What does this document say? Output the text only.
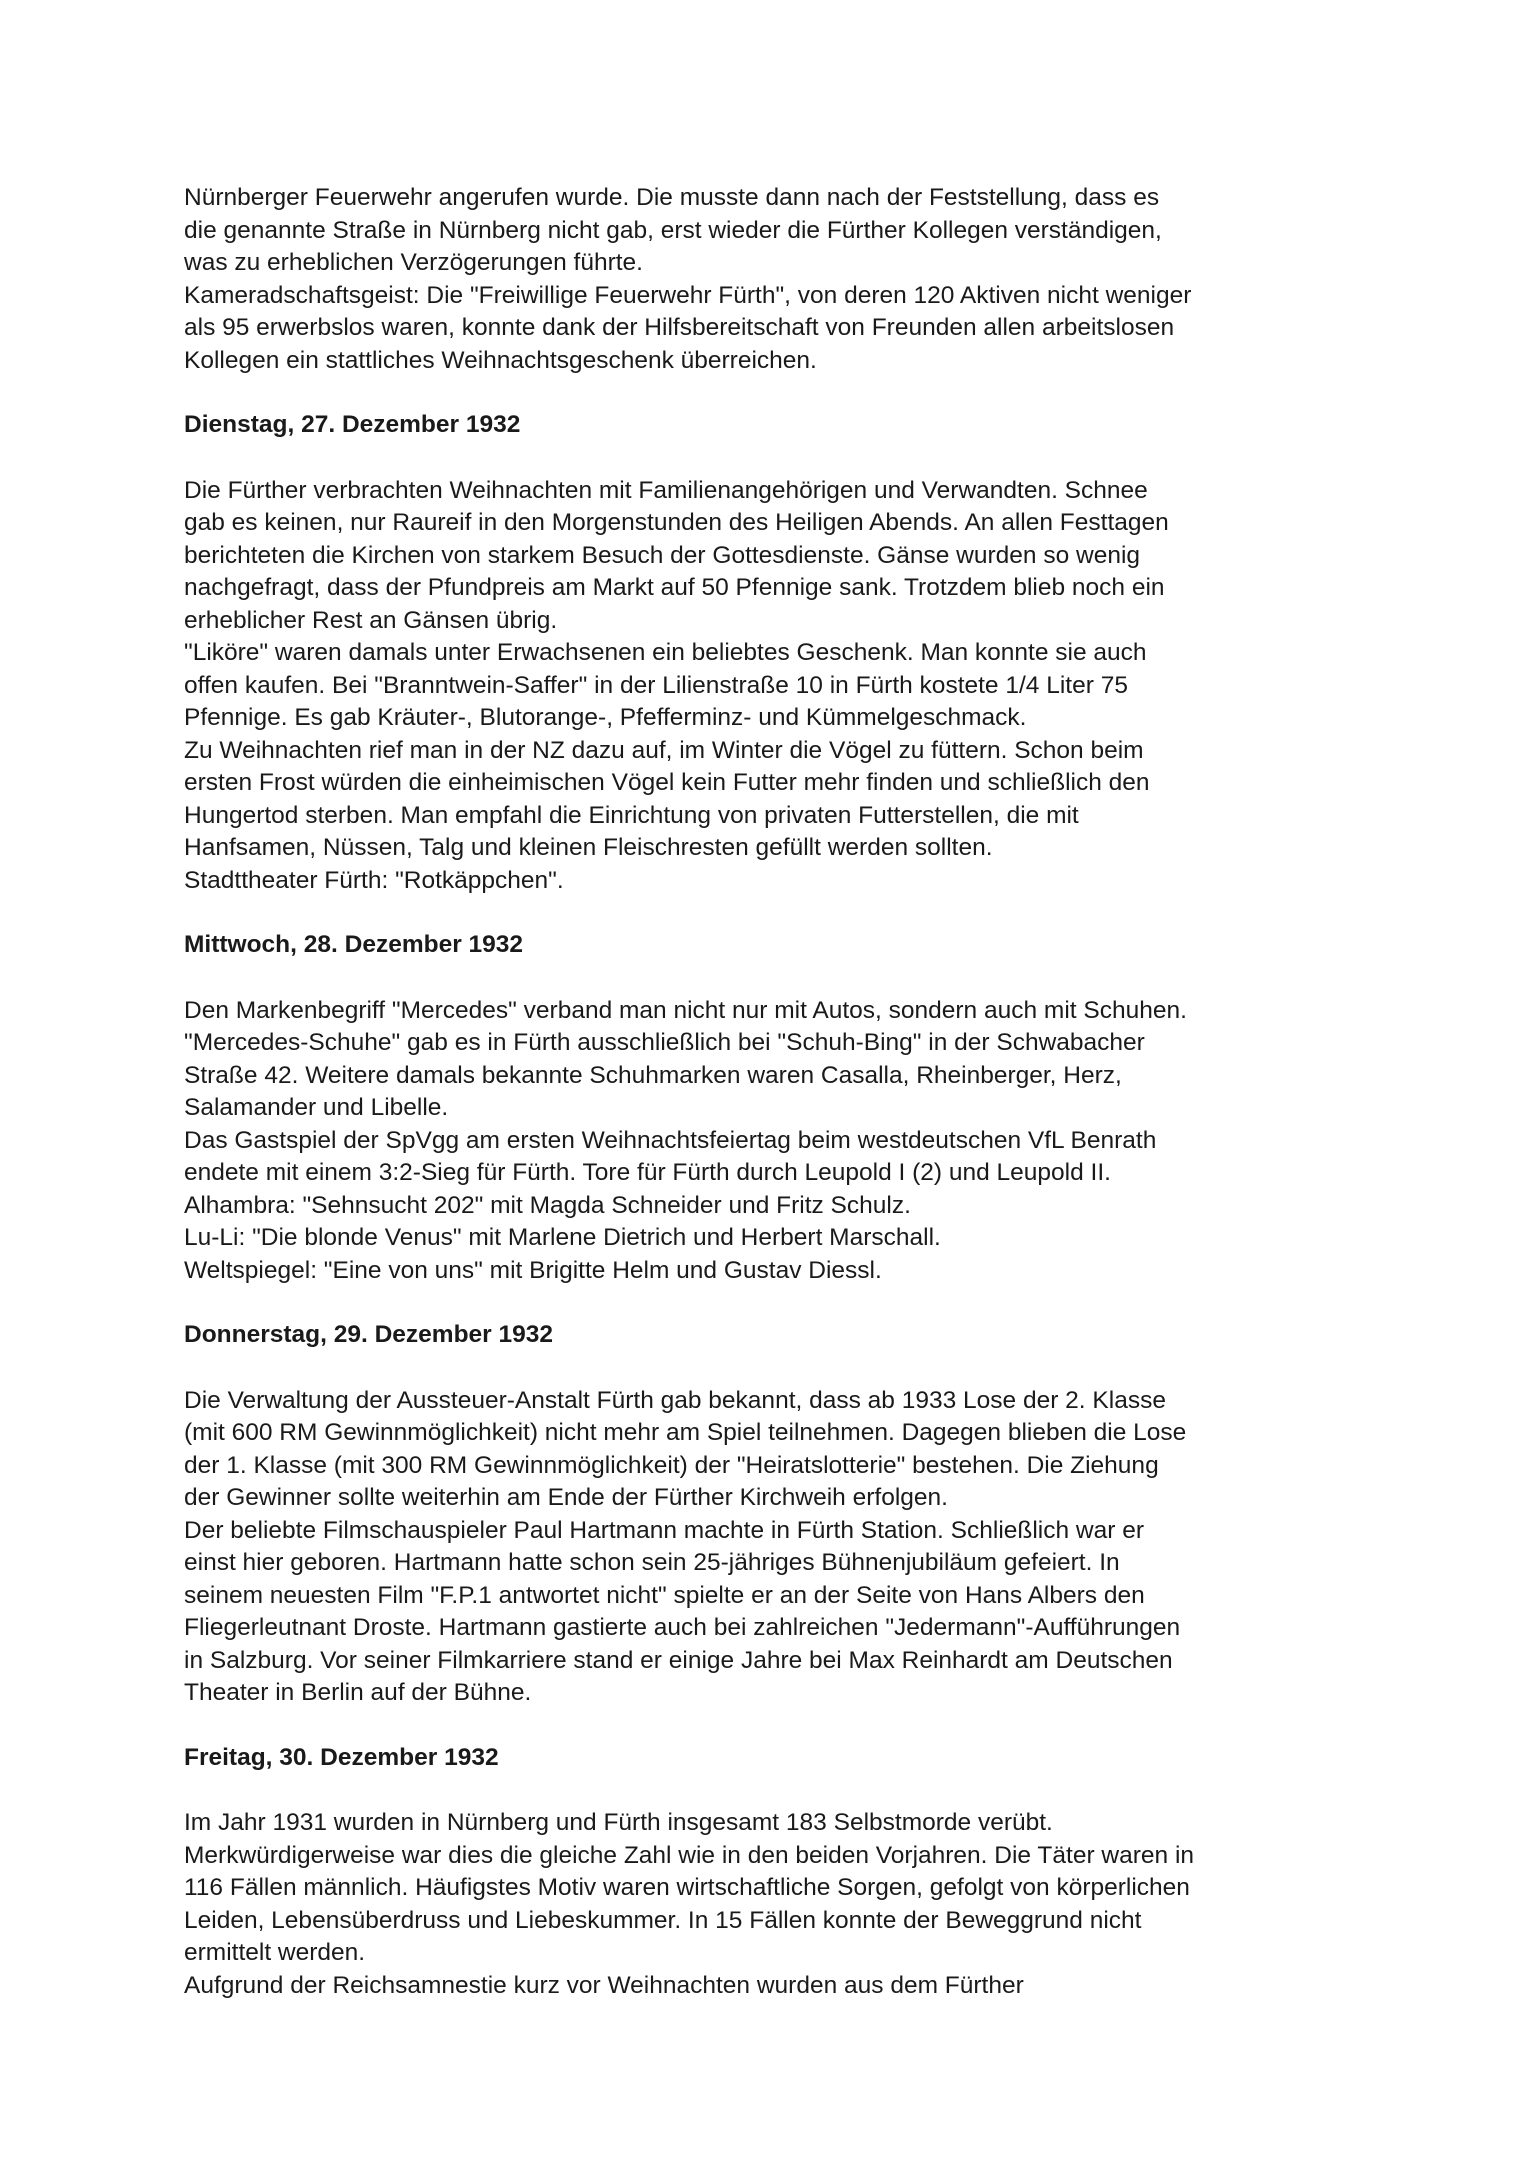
Nürnberger Feuerwehr angerufen wurde. Die musste dann nach der Feststellung, dass es
die genannte Straße in Nürnberg nicht gab, erst wieder die Fürther Kollegen verständigen,
was zu erheblichen Verzögerungen führte.
Kameradschaftsgeist: Die "Freiwillige Feuerwehr Fürth", von deren 120 Aktiven nicht weniger
als 95 erwerbslos waren, konnte dank der Hilfsbereitschaft von Freunden allen arbeitslosen
Kollegen ein stattliches Weihnachtsgeschenk überreichen.
Dienstag, 27. Dezember 1932
Die Fürther verbrachten Weihnachten mit Familienangehörigen und Verwandten. Schnee
gab es keinen, nur Raureif in den Morgenstunden des Heiligen Abends. An allen Festtagen
berichteten die Kirchen von starkem Besuch der Gottesdienste. Gänse wurden so wenig
nachgefragt, dass der Pfundpreis am Markt auf 50 Pfennige sank. Trotzdem blieb noch ein
erheblicher Rest an Gänsen übrig.
"Liköre" waren damals unter Erwachsenen ein beliebtes Geschenk. Man konnte sie auch
offen kaufen. Bei "Branntwein-Saffer" in der Lilienstraße 10 in Fürth kostete 1/4 Liter 75
Pfennige. Es gab Kräuter-, Blutorange-, Pfefferminz- und Kümmelgeschmack.
Zu Weihnachten rief man in der NZ dazu auf, im Winter die Vögel zu füttern. Schon beim
ersten Frost würden die einheimischen Vögel kein Futter mehr finden und schließlich den
Hungertod sterben. Man empfahl die Einrichtung von privaten Futterstellen, die mit
Hanfsamen, Nüssen, Talg und kleinen Fleischresten gefüllt werden sollten.
Stadttheater Fürth: "Rotkäppchen".
Mittwoch, 28. Dezember 1932
Den Markenbegriff "Mercedes" verband man nicht nur mit Autos, sondern auch mit Schuhen.
"Mercedes-Schuhe" gab es in Fürth ausschließlich bei "Schuh-Bing" in der Schwabacher
Straße 42. Weitere damals bekannte Schuhmarken waren Casalla, Rheinberger, Herz,
Salamander und Libelle.
Das Gastspiel der SpVgg am ersten Weihnachtsfeiertag beim westdeutschen VfL Benrath
endete mit einem 3:2-Sieg für Fürth. Tore für Fürth durch Leupold I (2) und Leupold II.
Alhambra: "Sehnsucht 202" mit Magda Schneider und Fritz Schulz.
Lu-Li: "Die blonde Venus" mit Marlene Dietrich und Herbert Marschall.
Weltspiegel: "Eine von uns" mit Brigitte Helm und Gustav Diessl.
Donnerstag, 29. Dezember 1932
Die Verwaltung der Aussteuer-Anstalt Fürth gab bekannt, dass ab 1933 Lose der 2. Klasse
(mit 600 RM Gewinnmöglichkeit) nicht mehr am Spiel teilnehmen. Dagegen blieben die Lose
der 1. Klasse (mit 300 RM Gewinnmöglichkeit) der "Heiratslotterie" bestehen. Die Ziehung
der Gewinner sollte weiterhin am Ende der Fürther Kirchweih erfolgen.
Der beliebte Filmschauspieler Paul Hartmann machte in Fürth Station. Schließlich war er
einst hier geboren. Hartmann hatte schon sein 25-jähriges Bühnenjubiläum gefeiert. In
seinem neuesten Film "F.P.1 antwortet nicht" spielte er an der Seite von Hans Albers den
Fliegerleutnant Droste. Hartmann gastierte auch bei zahlreichen "Jedermann"-Aufführungen
in Salzburg. Vor seiner Filmkarriere stand er einige Jahre bei Max Reinhardt am Deutschen
Theater in Berlin auf der Bühne.
Freitag, 30. Dezember 1932
Im Jahr 1931 wurden in Nürnberg und Fürth insgesamt 183 Selbstmorde verübt.
Merkwürdigerweise war dies die gleiche Zahl wie in den beiden Vorjahren. Die Täter waren in
116 Fällen männlich. Häufigstes Motiv waren wirtschaftliche Sorgen, gefolgt von körperlichen
Leiden, Lebensüberdruss und Liebeskummer. In 15 Fällen konnte der Beweggrund nicht
ermittelt werden.
Aufgrund der Reichsamnestie kurz vor Weihnachten wurden aus dem Fürther
